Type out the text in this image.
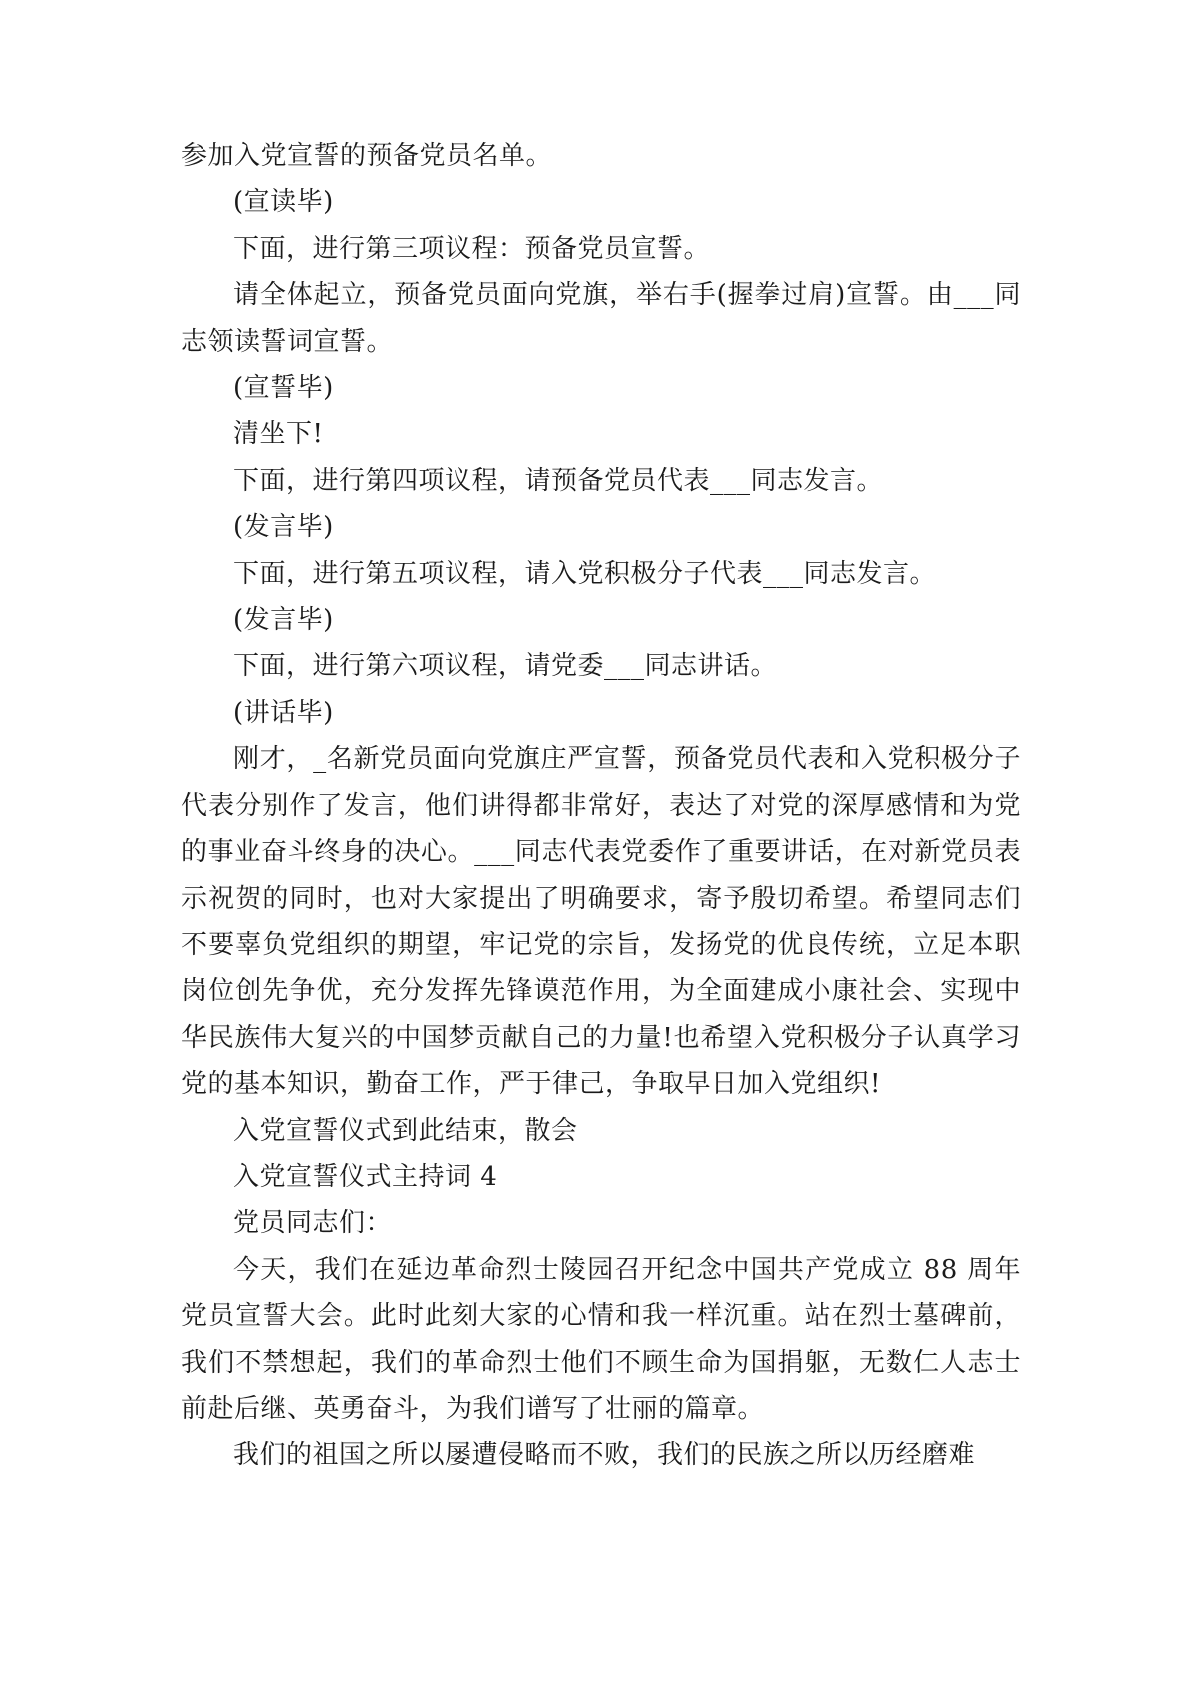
参加入党宣誓的预备党员名单。

(宣读毕)

下面，进行第三项议程：预备党员宣誓。

请全体起立，预备党员面向党旗，举右手(握拳过肩)宣誓。由___同志领读誓词宣誓。

(宣誓毕)

清坐下!

下面，进行第四项议程，请预备党员代表___同志发言。

(发言毕)

下面，进行第五项议程，请入党积极分子代表___同志发言。

(发言毕)

下面，进行第六项议程，请党委___同志讲话。

(讲话毕)

刚才，_名新党员面向党旗庄严宣誓，预备党员代表和入党积极分子代表分别作了发言，他们讲得都非常好，表达了对党的深厚感情和为党的事业奋斗终身的决心。___同志代表党委作了重要讲话，在对新党员表示祝贺的同时，也对大家提出了明确要求，寄予殷切希望。希望同志们不要辜负党组织的期望，牢记党的宗旨，发扬党的优良传统，立足本职岗位创先争优，充分发挥先锋谟范作用，为全面建成小康社会、实现中华民族伟大复兴的中国梦贡献自己的力量!也希望入党积极分子认真学习党的基本知识，勤奋工作，严于律己，争取早日加入党组织!

入党宣誓仪式到此结束，散会

入党宣誓仪式主持词 4

党员同志们：

今天，我们在延边革命烈士陵园召开纪念中国共产党成立 88 周年党员宣誓大会。此时此刻大家的心情和我一样沉重。站在烈士墓碑前，我们不禁想起，我们的革命烈士他们不顾生命为国捐躯，无数仁人志士前赴后继、英勇奋斗，为我们谱写了壮丽的篇章。

我们的祖国之所以屡遭侵略而不败，我们的民族之所以历经磨难
